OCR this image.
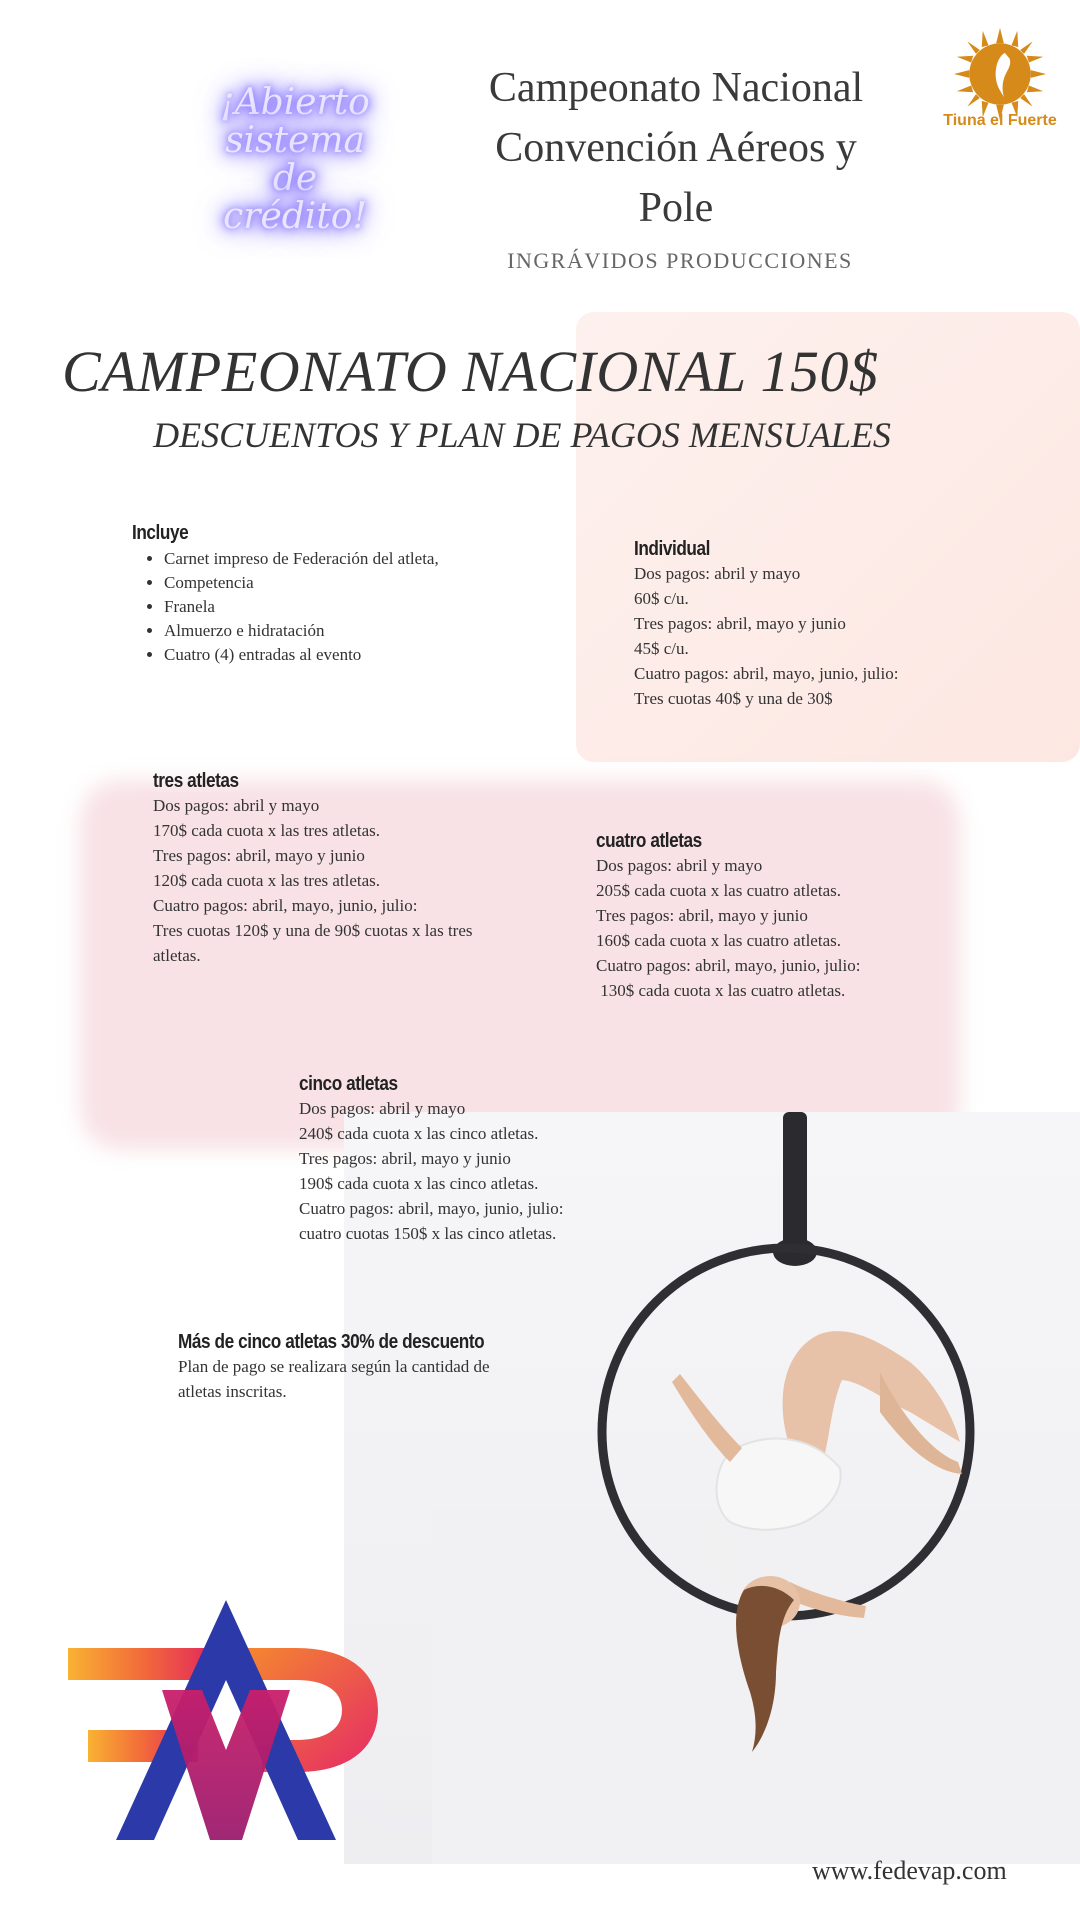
¡Abierto
sistema
de
crédito!
Campeonato Nacional
Convención Aéreos y
Pole
INGRÁVIDOS PRODUCCIONES
Tiuna el Fuerte
CAMPEONATO NACIONAL 150$
DESCUENTOS Y PLAN DE PAGOS MENSUALES
Incluye
• Carnet impreso de Federación del atleta,
• Competencia
• Franela
• Almuerzo e hidratación
• Cuatro (4) entradas al evento
Individual
Dos pagos: abril y mayo
60$ c/u.
Tres pagos: abril, mayo y junio
45$ c/u.
Cuatro pagos: abril, mayo, junio, julio:
Tres cuotas 40$ y una de 30$
tres atletas
Dos pagos: abril y mayo
170$ cada cuota x las tres atletas.
Tres pagos: abril, mayo y junio
120$ cada cuota x las tres atletas.
Cuatro pagos: abril, mayo, junio, julio:
Tres cuotas 120$ y una de 90$ cuotas x las tres
atletas.
cuatro atletas
Dos pagos: abril y mayo
205$ cada cuota x las cuatro atletas.
Tres pagos: abril, mayo y junio
160$ cada cuota x las cuatro atletas.
Cuatro pagos: abril, mayo, junio, julio:
130$ cada cuota x las cuatro atletas.
cinco atletas
Dos pagos: abril y mayo
240$ cada cuota x las cinco atletas.
Tres pagos: abril, mayo y junio
190$ cada cuota x las cinco atletas.
Cuatro pagos: abril, mayo, junio, julio:
cuatro cuotas 150$ x las cinco atletas.
Más de cinco atletas 30% de descuento
Plan de pago se realizara según la cantidad de
atletas inscritas.
www.fedevap.com
